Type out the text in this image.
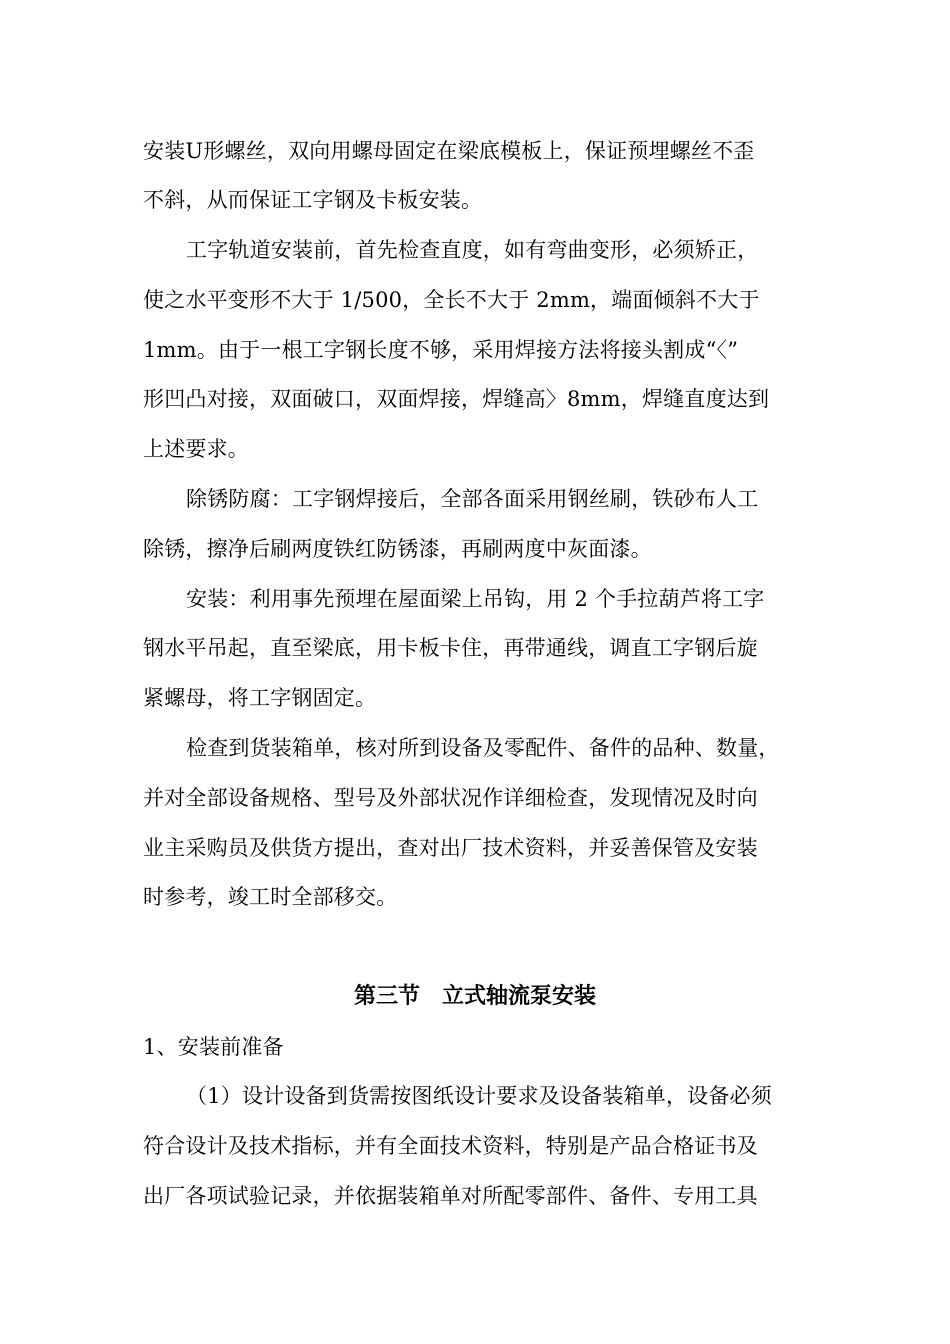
安装U形螺丝，双向用螺母固定在梁底模板上，保证预埋螺丝不歪
不斜，从而保证工字钢及卡板安装。
工字轨道安装前，首先检查直度，如有弯曲变形，必须矫正，
使之水平变形不大于 1/500，全长不大于 2mm，端面倾斜不大于
1mm。由于一根工字钢长度不够，采用焊接方法将接头割成“〈”
形凹凸对接，双面破口，双面焊接，焊缝高〉8mm，焊缝直度达到
上述要求。
除锈防腐：工字钢焊接后，全部各面采用钢丝刷，铁砂布人工
除锈，擦净后刷两度铁红防锈漆，再刷两度中灰面漆。
安装：利用事先预埋在屋面梁上吊钩，用 2 个手拉葫芦将工字
钢水平吊起，直至梁底，用卡板卡住，再带通线，调直工字钢后旋
紧螺母，将工字钢固定。
检查到货装箱单，核对所到设备及零配件、备件的品种、数量，
并对全部设备规格、型号及外部状况作详细检查，发现情况及时向
业主采购员及供货方提出，查对出厂技术资料，并妥善保管及安装
时参考，竣工时全部移交。
第三节　立式轴流泵安装
1、安装前准备
（1）设计设备到货需按图纸设计要求及设备装箱单，设备必须
符合设计及技术指标，并有全面技术资料，特别是产品合格证书及
出厂各项试验记录，并依据装箱单对所配零部件、备件、专用工具
